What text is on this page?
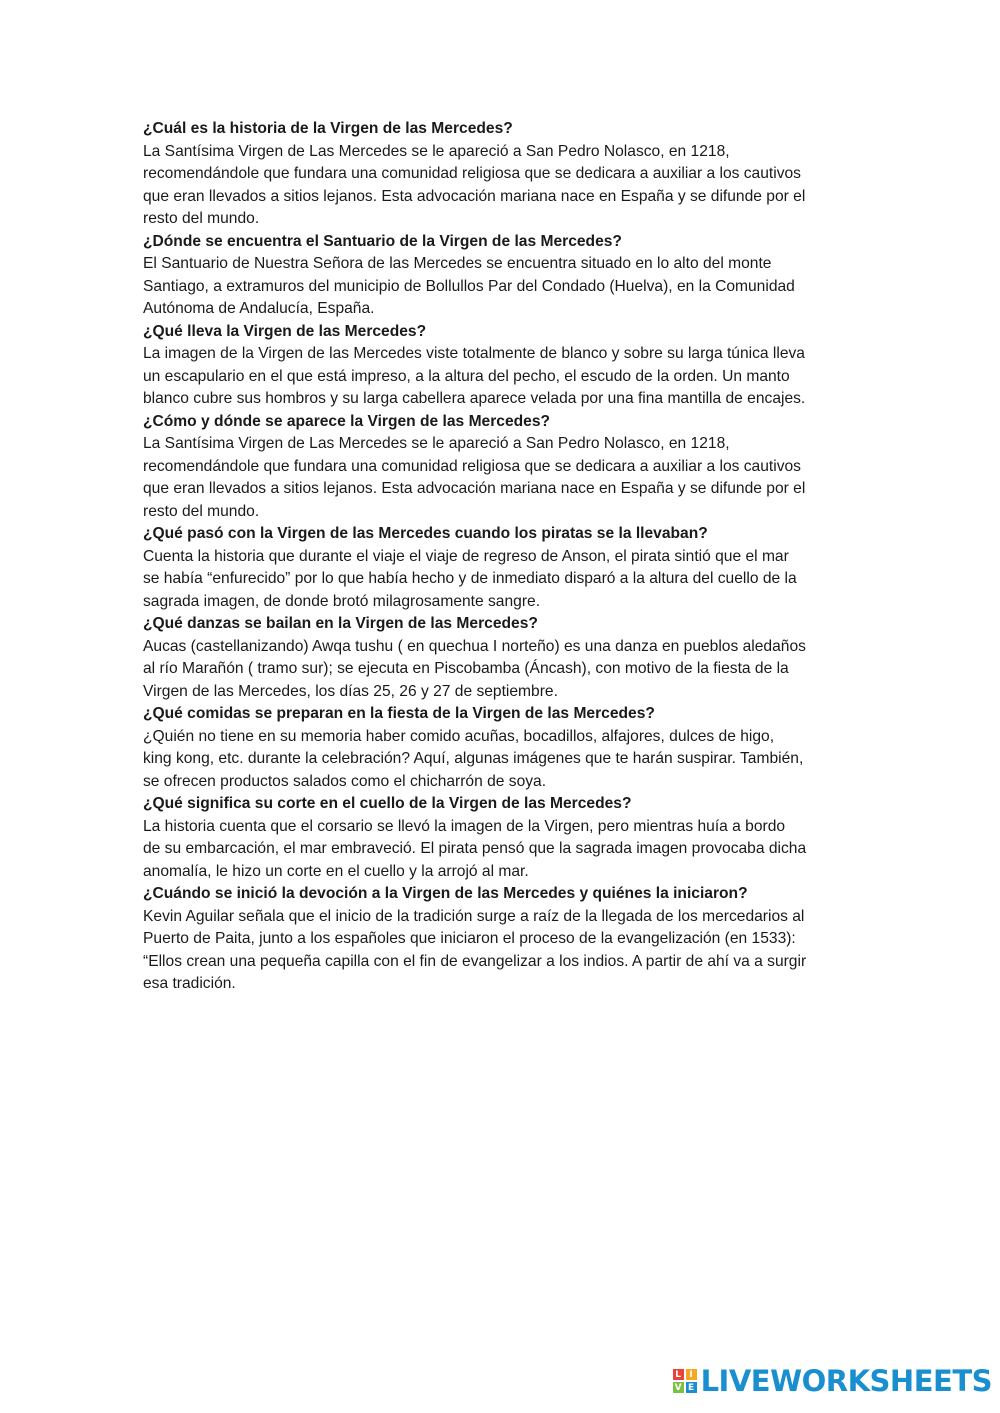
¿Cuál es la historia de la Virgen de las Mercedes?

La Santísima Virgen de Las Mercedes se le apareció a San Pedro Nolasco, en 1218,
recomendándole que fundara una comunidad religiosa que se dedicara a auxiliar a los cautivos
que eran llevados a sitios lejanos. Esta advocación mariana nace en España y se difunde por el
resto del mundo.

¿Dónde se encuentra el Santuario de la Virgen de las Mercedes?

El Santuario de Nuestra Señora de las Mercedes se encuentra situado en lo alto del monte
Santiago, a extramuros del municipio de Bollullos Par del Condado (Huelva), en la Comunidad
Autónoma de Andalucía, España.

¿Qué lleva la Virgen de las Mercedes?

La imagen de la Virgen de las Mercedes viste totalmente de blanco y sobre su larga túnica lleva
un escapulario en el que está impreso, a la altura del pecho, el escudo de la orden. Un manto
blanco cubre sus hombros y su larga cabellera aparece velada por una fina mantilla de encajes.

¿Cómo y dónde se aparece la Virgen de las Mercedes?

La Santísima Virgen de Las Mercedes se le apareció a San Pedro Nolasco, en 1218,
recomendándole que fundara una comunidad religiosa que se dedicara a auxiliar a los cautivos
que eran llevados a sitios lejanos. Esta advocación mariana nace en España y se difunde por el
resto del mundo.

¿Qué pasó con la Virgen de las Mercedes cuando los piratas se la llevaban?

Cuenta la historia que durante el viaje el viaje de regreso de Anson, el pirata sintió que el mar
se había “enfurecido” por lo que había hecho y de inmediato disparó a la altura del cuello de la
sagrada imagen, de donde brotó milagrosamente sangre.

¿Qué danzas se bailan en la Virgen de las Mercedes?

Aucas (castellanizando) Awqa tushu ( en quechua I norteño) es una danza en pueblos aledaños
al río Marañón ( tramo sur); se ejecuta en Piscobamba (Áncash), con motivo de la fiesta de la
Virgen de las Mercedes, los días 25, 26 y 27 de septiembre.

¿Qué comidas se preparan en la fiesta de la Virgen de las Mercedes?

¿Quién no tiene en su memoria haber comido acuñas, bocadillos, alfajores, dulces de higo,
king kong, etc. durante la celebración? Aquí, algunas imágenes que te harán suspirar. También,
se ofrecen productos salados como el chicharrón de soya.

¿Qué significa su corte en el cuello de la Virgen de las Mercedes?

La historia cuenta que el corsario se llevó la imagen de la Virgen, pero mientras huía a bordo
de su embarcación, el mar embraveció. El pirata pensó que la sagrada imagen provocaba dicha
anomalía, le hizo un corte en el cuello y la arrojó al mar.

¿Cuándo se inició la devoción a la Virgen de las Mercedes y quiénes la iniciaron?

Kevin Aguilar señala que el inicio de la tradición surge a raíz de la llegada de los mercedarios al
Puerto de Paita, junto a los españoles que iniciaron el proceso de la evangelización (en 1533):
“Ellos crean una pequeña capilla con el fin de evangelizar a los indios. A partir de ahí va a surgir
esa tradición.

L I
V E LIVEWORKSHEETS
